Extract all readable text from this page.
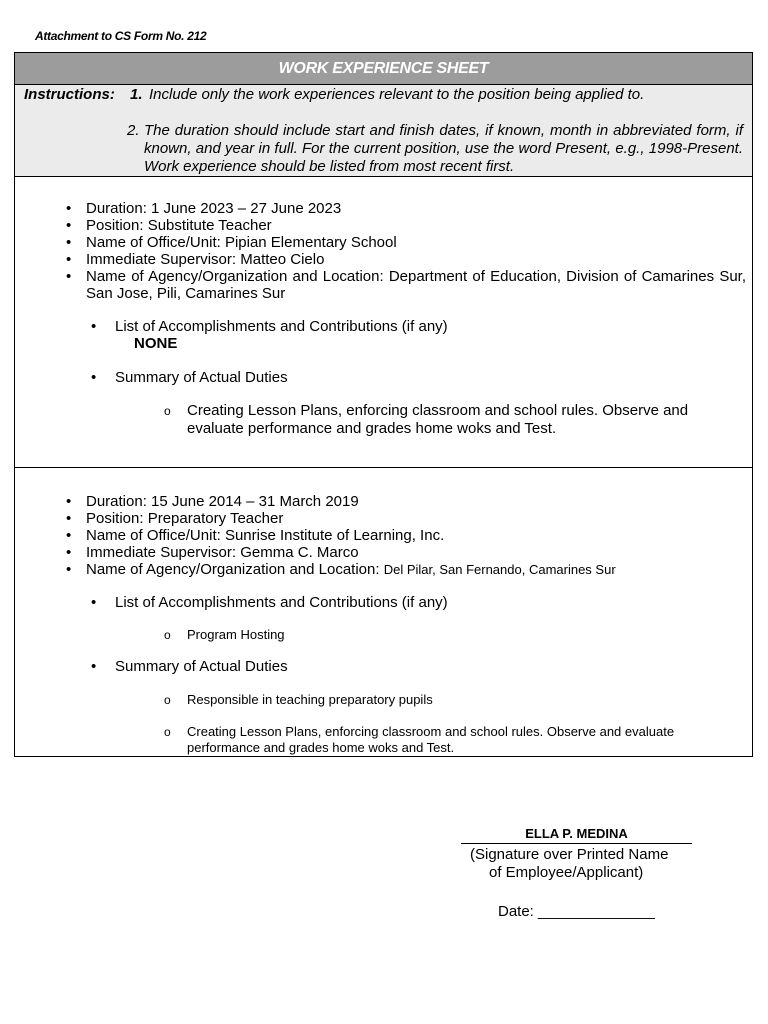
Attachment to CS Form No. 212
WORK EXPERIENCE SHEET
Instructions: 1. Include only the work experiences relevant to the position being applied to.
2. The duration should include start and finish dates, if known, month in abbreviated form, if known, and year in full. For the current position, use the word Present, e.g., 1998-Present. Work experience should be listed from most recent first.
• Duration: 1 June 2023 – 27 June 2023
• Position: Substitute Teacher
• Name of Office/Unit: Pipian Elementary School
• Immediate Supervisor: Matteo Cielo
• Name of Agency/Organization and Location: Department of Education, Division of Camarines Sur, San Jose, Pili, Camarines Sur
• List of Accomplishments and Contributions (if any)
NONE
• Summary of Actual Duties
o Creating Lesson Plans, enforcing classroom and school rules. Observe and evaluate performance and grades home woks and Test.
• Duration: 15 June 2014 – 31 March 2019
• Position: Preparatory Teacher
• Name of Office/Unit: Sunrise Institute of Learning, Inc.
• Immediate Supervisor: Gemma C. Marco
• Name of Agency/Organization and Location: Del Pilar, San Fernando, Camarines Sur
• List of Accomplishments and Contributions (if any)
o Program Hosting
• Summary of Actual Duties
o Responsible in teaching preparatory pupils
o Creating Lesson Plans, enforcing classroom and school rules. Observe and evaluate performance and grades home woks and Test.
ELLA P. MEDINA
(Signature over Printed Name
of Employee/Applicant)
Date: ______________
